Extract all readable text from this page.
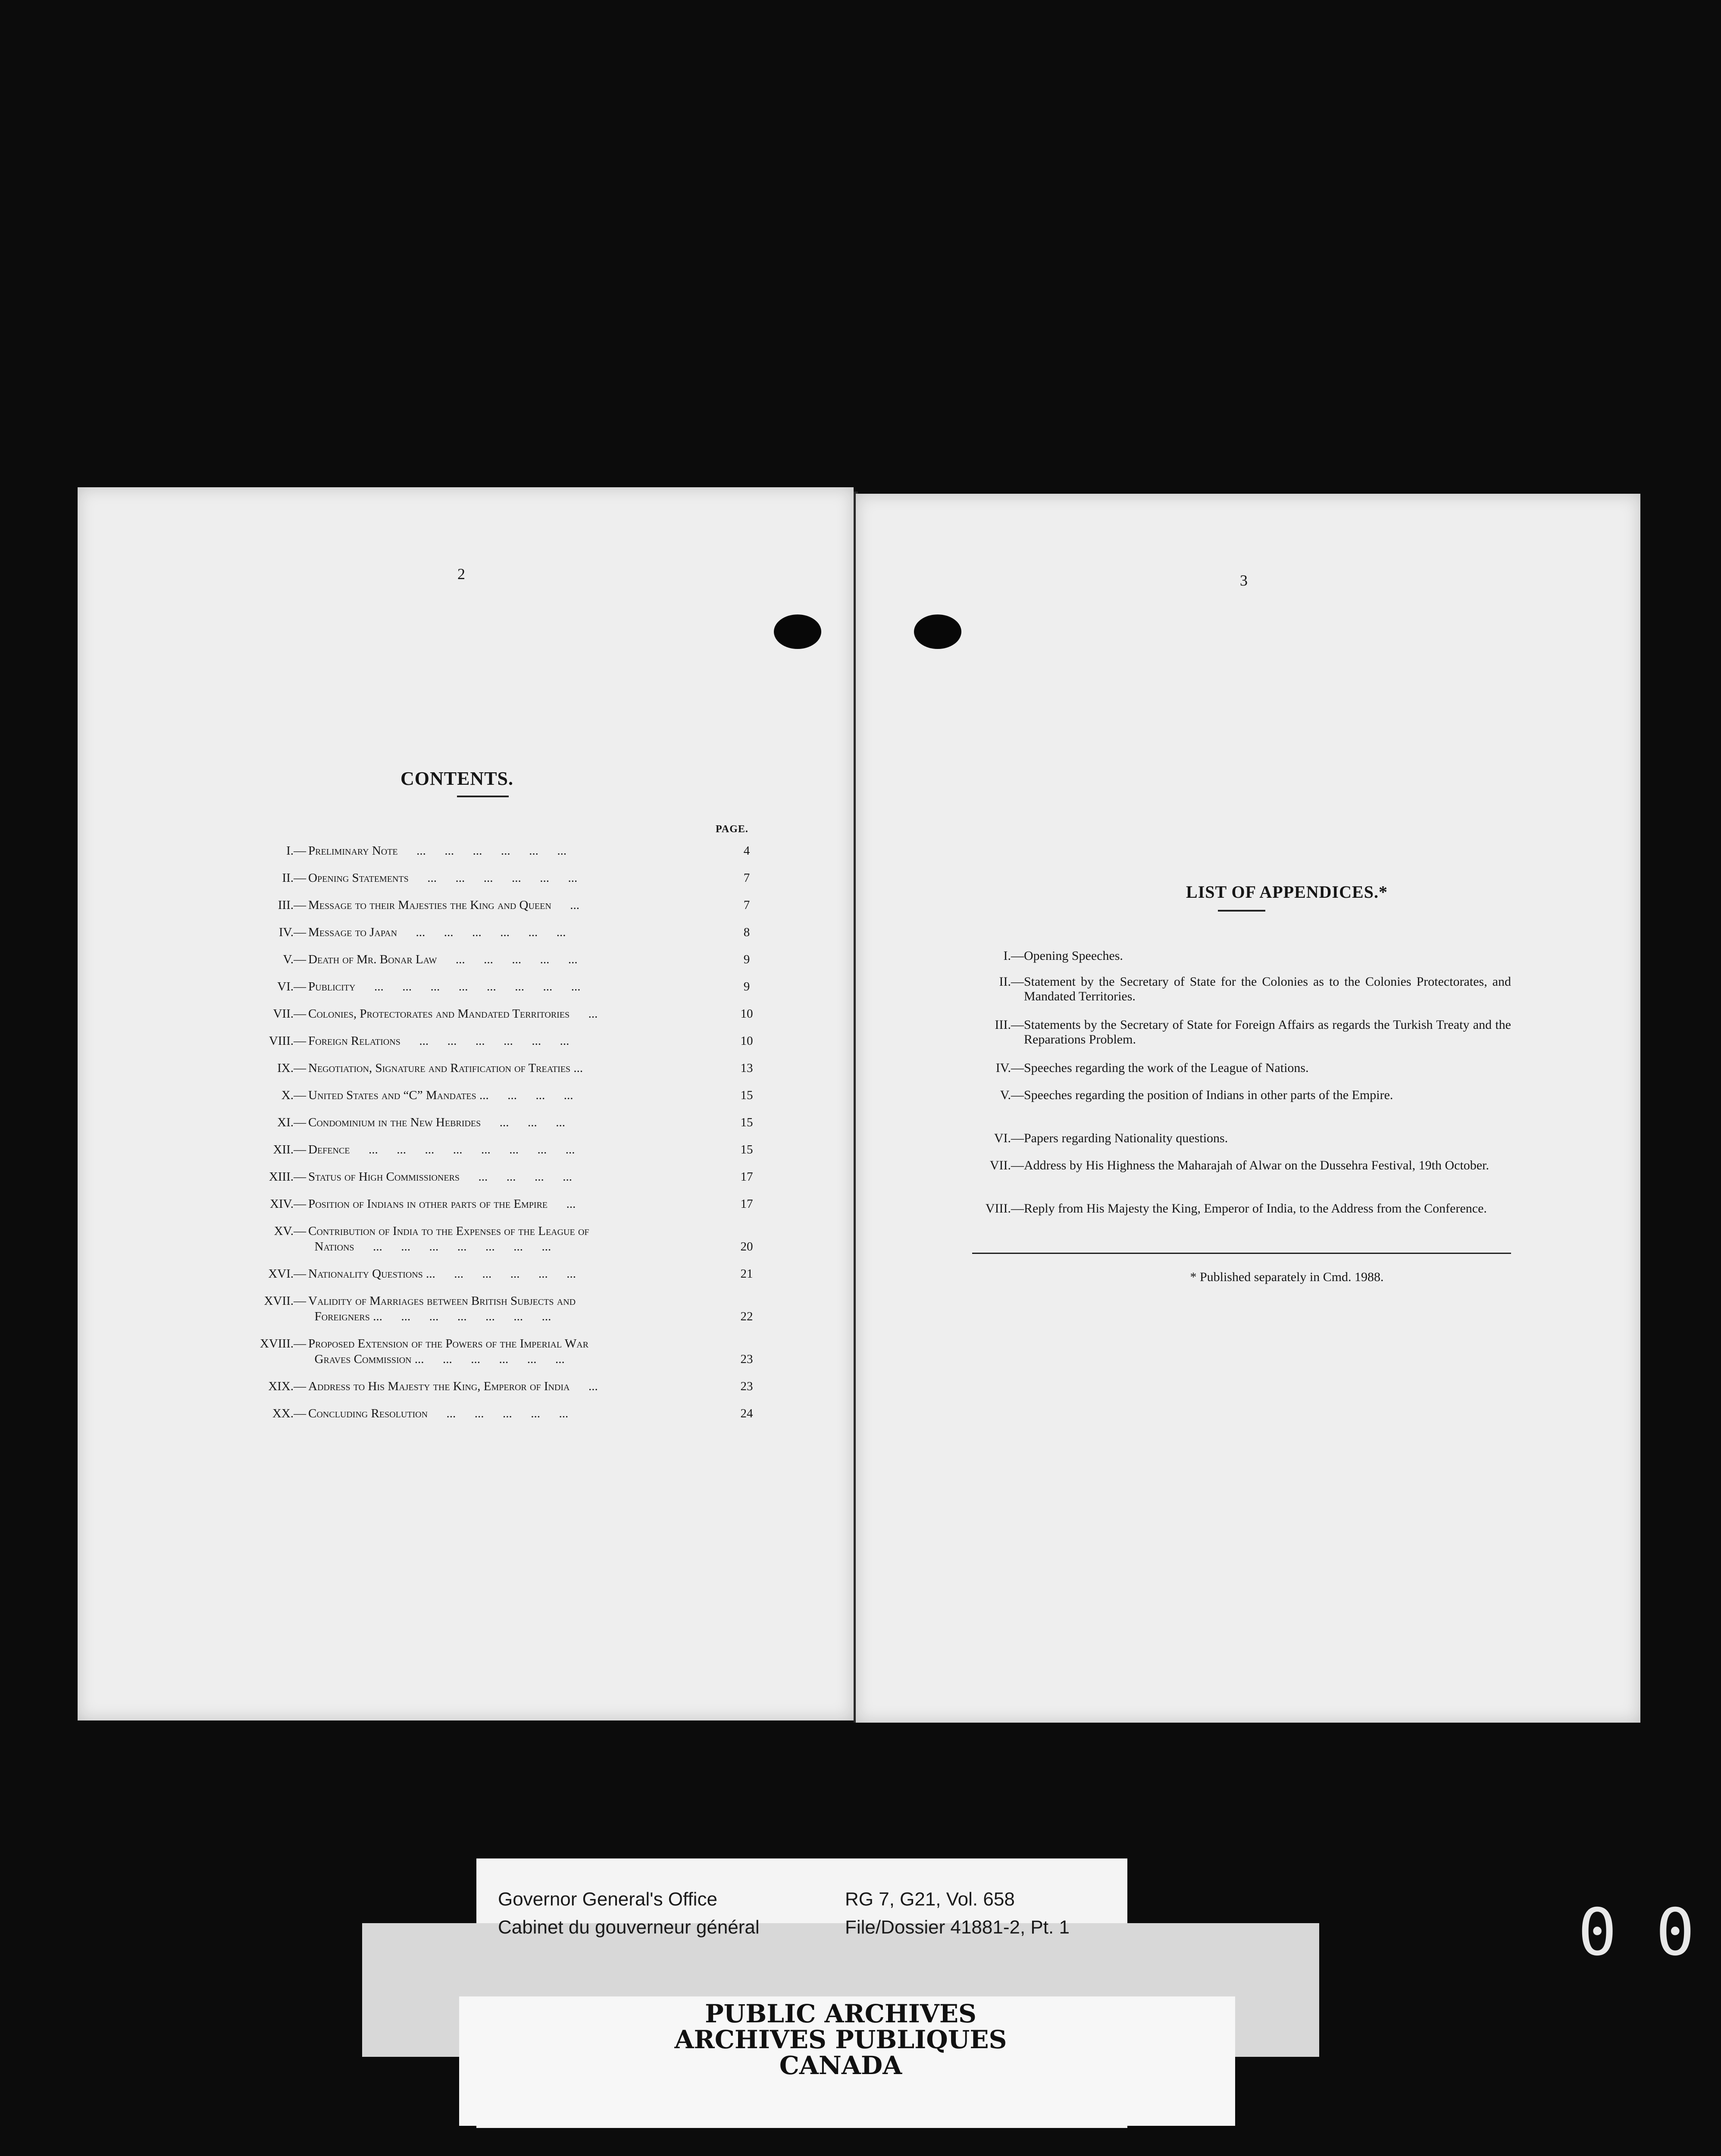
2
CONTENTS.
PAGE.
I.— Preliminary Note      ...      ...      ...      ...      ...      ...	4
II.— Opening Statements      ...      ...      ...      ...      ...      ...	7
III.— Message to their Majesties the King and Queen      ...	7
IV.— Message to Japan      ...      ...      ...      ...      ...      ...	8
V.— Death of Mr. Bonar Law      ...      ...      ...      ...      ...	9
VI.— Publicity      ...      ...      ...      ...      ...      ...      ...      ...	9
VII.— Colonies, Protectorates and Mandated Territories      ...	10
VIII.— Foreign Relations      ...      ...      ...      ...      ...      ...	10
IX.— Negotiation, Signature and Ratification of Treaties ...	13
X.— United States and “C” Mandates ...      ...      ...      ...	15
XI.— Condominium in the New Hebrides      ...      ...      ...	15
XII.— Defence      ...      ...      ...      ...      ...      ...      ...      ...	15
XIII.— Status of High Commissioners      ...      ...      ...      ...	17
XIV.— Position of Indians in other parts of the Empire      ...	17
XV.— Contribution of India to the Expenses of the League of
Nations      ...      ...      ...      ...      ...      ...      ...	20
XVI.— Nationality Questions ...      ...      ...      ...      ...      ...	21
XVII.— Validity of Marriages between British Subjects and
Foreigners ...      ...      ...      ...      ...      ...      ...	22
XVIII.— Proposed Extension of the Powers of the Imperial War
Graves Commission ...      ...      ...      ...      ...      ...	23
XIX.— Address to His Majesty the King, Emperor of India      ...	23
XX.— Concluding Resolution      ...      ...      ...      ...      ...	24
3
LIST OF APPENDICES.*
I.— Opening Speeches.
II.— Statement by the Secretary of State for the Colonies as to the Colonies Protectorates, and Mandated Territories.
III.— Statements by the Secretary of State for Foreign Affairs as regards the Turkish Treaty and the Reparations Problem.
IV.— Speeches regarding the work of the League of Nations.
V.— Speeches regarding the position of Indians in other parts of the Empire.
VI.— Papers regarding Nationality questions.
VII.— Address by His Highness the Maharajah of Alwar on the Dussehra Festival, 19th October.
VIII.— Reply from His Majesty the King, Emperor of India, to the Address from the Conference.
* Published separately in Cmd. 1988.
Governor General's Office
Cabinet du gouverneur général
RG 7, G21, Vol. 658
File/Dossier 41881-2, Pt. 1
PUBLIC ARCHIVES
ARCHIVES PUBLIQUES
CANADA
0 0
